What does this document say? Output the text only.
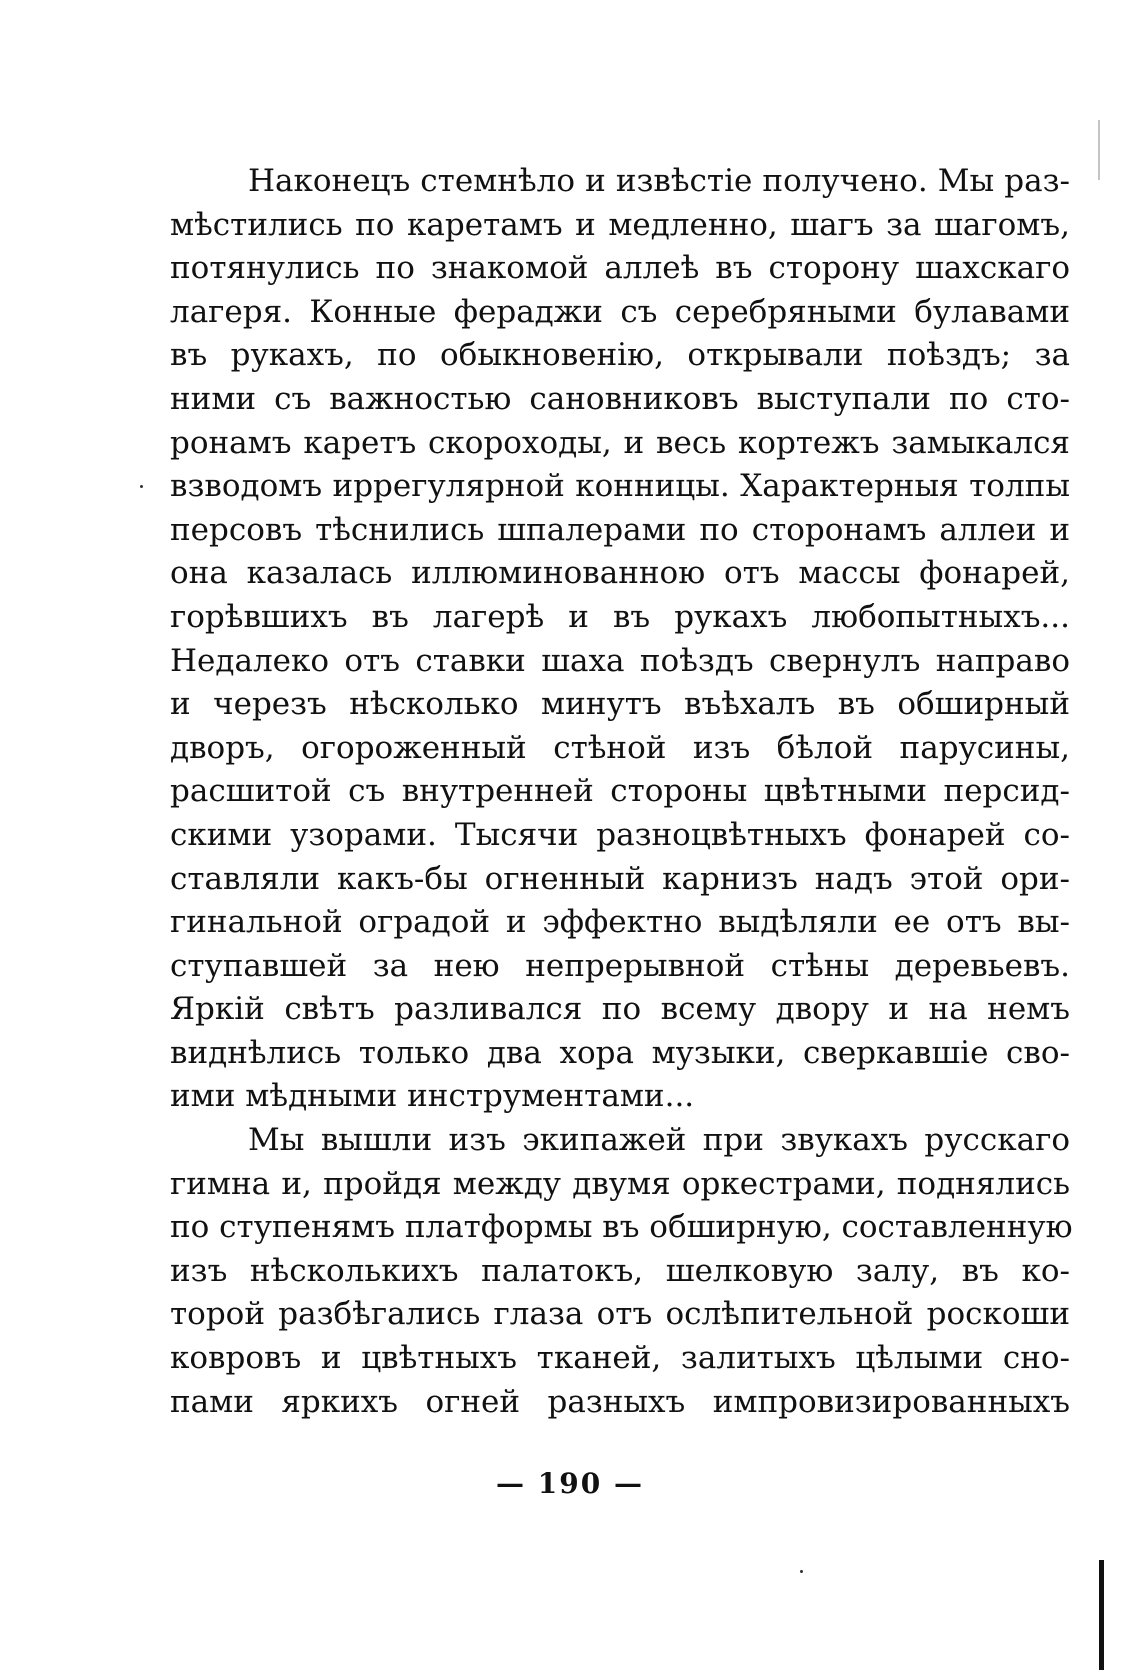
Наконецъ стемнѣло и извѣстіе получено. Мы раз-
мѣстились по каретамъ и медленно, шагъ за шагомъ,
потянулись по знакомой аллеѣ въ сторону шахскаго
лагеря. Конные фераджи съ серебряными булавами
въ рукахъ, по обыкновенію, открывали поѣздъ; за
ними съ важностью сановниковъ выступали по сто-
ронамъ каретъ скороходы, и весь кортежъ замыкался
взводомъ иррегулярной конницы. Характерныя толпы
персовъ тѣснились шпалерами по сторонамъ аллеи и
она казалась иллюминованною отъ массы фонарей,
горѣвшихъ въ лагерѣ и въ рукахъ любопытныхъ...
Недалеко отъ ставки шаха поѣздъ свернулъ направо
и черезъ нѣсколько минутъ въѣхалъ въ обширный
дворъ, огороженный стѣной изъ бѣлой парусины,
расшитой съ внутренней стороны цвѣтными персид-
скими узорами. Тысячи разноцвѣтныхъ фонарей со-
ставляли какъ-бы огненный карнизъ надъ этой ори-
гинальной оградой и эффектно выдѣляли ее отъ вы-
ступавшей за нею непрерывной стѣны деревьевъ.
Яркій свѣтъ разливался по всему двору и на немъ
виднѣлись только два хора музыки, сверкавшіе сво-
ими мѣдными инструментами...
Мы вышли изъ экипажей при звукахъ русскаго
гимна и, пройдя между двумя оркестрами, поднялись
по ступенямъ платформы въ обширную, составленную
изъ нѣсколькихъ палатокъ, шелковую залу, въ ко-
торой разбѣгались глаза отъ ослѣпительной роскоши
ковровъ и цвѣтныхъ тканей, залитыхъ цѣлыми сно-
пами яркихъ огней разныхъ импровизированныхъ
— 190 —
